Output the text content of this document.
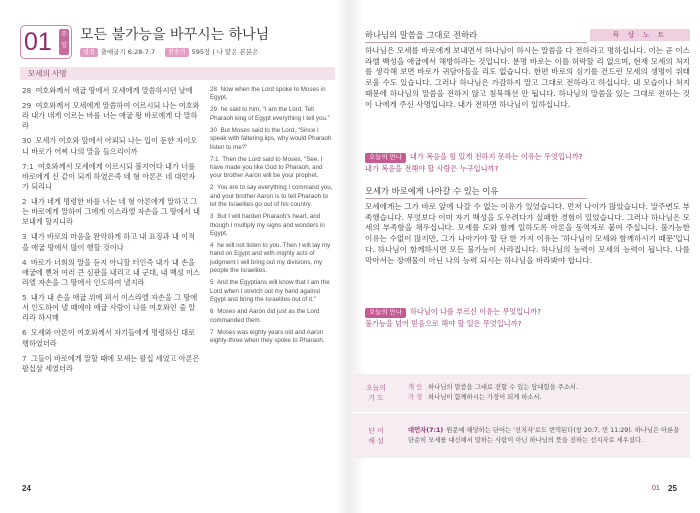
01	주
일
모든 불가능을 바꾸시는 하나님
성경 출애굽기 6:28-7:7 찬송가 595장 | 나 맡은 본분은
모세의 사명
28 여호와께서 애굽 땅에서 모세에게 말씀하시던 날에
29 여호와께서 모세에게 말씀하여 이르시되 나는 여호와라 내가 네게 이르는 바를 너는 애굽 왕 바로에게 다 말하라
30 모세가 여호와 앞에서 아뢰되 나는 입이 둔한 자이오니 바로가 어찌 나의 말을 들으리이까
7:1 여호와께서 모세에게 이르시되 볼지어다 내가 너를 바로에게 신 같이 되게 하였은즉 네 형 아론은 네 대언자가 되리니
2 내가 네게 명령한 바를 너는 네 형 아론에게 말하고 그는 바로에게 말하여 그에게 이스라엘 자손을 그 땅에서 내보내게 할지니라
3 내가 바로의 마음을 완악하게 하고 내 표징과 내 이적을 애굽 땅에서 많이 행할 것이나
4 바로가 너희의 말을 듣지 아니할 터인즉 내가 내 손을 애굽에 뻗쳐 여러 큰 심판을 내리고 내 군대, 내 백성 이스라엘 자손을 그 땅에서 인도하여 낼지라
5 내가 내 손을 애굽 위에 펴서 이스라엘 자손을 그 땅에서 인도하여 낼 때에야 애굽 사람이 나를 여호와인 줄 알리라 하시매
6 모세와 아론이 여호와께서 자기들에게 명령하신 대로 행하였더라
7 그들이 바로에게 말할 때에 모세는 팔십 세였고 아론은 팔십삼 세였더라
28 Now when the Lord spoke to Moses in Egypt,
29 he said to him, "I am the Lord. Tell Pharaoh king of Egypt everything I tell you."
30 But Moses said to the Lord, "Since I speak with faltering lips, why would Pharaoh listen to me?"
7:1 Then the Lord said to Moses, "See, I have made you like God to Pharaoh, and your brother Aaron will be your prophet.
2 You are to say everything I command you, and your brother Aaron is to tell Pharaoh to let the Israelites go out of his country.
3 But I will harden Pharaoh's heart, and though I multiply my signs and wonders in Egypt,
4 he will not listen to you. Then I will lay my hand on Egypt and with mighty acts of judgment I will bring out my divisions, my people the Israelites.
5 And the Egyptians will know that I am the Lord when I stretch out my hand against Egypt and bring the Israelites out of it."
6 Moses and Aaron did just as the Lord commanded them.
7 Moses was eighty years old and Aaron eighty-three when they spoke to Pharaoh.
24
묵 상 노 트
하나님의 말씀을 그대로 전하라
하나님은 모세를 바로에게 보내면서 하나님이 하시는 말씀을 다 전하라고 명하십니다. 이는 곧 이스라엘 백성을 애굽에서 해방하라는 것입니다. 분명 바로는 이를 허락할 리 없으며, 현재 모세의 처지를 생각해 보면 바로가 귀담아들을 리도 없습니다. 한편 바로의 심기를 건드린 모세의 생명이 위태로울 수도 있습니다. 그러나 하나님은 가감하지 말고 그대로 전하라고 하십니다. 내 모습이나 처지 때문에 하나님의 말씀을 전하지 않고 침묵해선 안 됩니다. 하나님의 말씀을 있는 그대로 전하는 것이 나에게 주신 사명입니다. 내가 전하면 하나님이 일하십니다.
오늘의 만나 내가 복음을 힘 있게 전하지 못하는 이유는 무엇입니까?
내가 복음을 전해야 할 사람은 누구입니까?
모세가 바로에게 나아갈 수 있는 이유
모세에게는 그가 바로 앞에 나갈 수 없는 이유가 있었습니다. 먼저 나이가 많았습니다. 말주변도 부족했습니다. 무엇보다 이미 자기 백성을 도우려다가 실패한 경험이 있었습니다. 그러나 하나님은 모세의 부족함을 채우십니다. 모세를 도와 함께 일하도록 아론을 동역자로 붙여 주십니다. 불가능한 이유는 수없이 많지만, 그가 나아가야 할 단 한 가지 이유는 '하나님이 모세와 함께하시기 때문'입니다. 하나님이 함께하시면 모든 불가능이 사라집니다. 하나님의 능력이 모세의 능력이 됩니다. 나를 막아서는 장애물이 아닌 나의 능력 되시는 하나님을 바라봐야 합니다.
오늘의 만나 하나님이 나를 부르신 이유는 무엇입니까?
불가능을 넘어 믿음으로 해야 할 일은 무엇입니까?
오늘의
기 도
개 인 하나님의 말씀을 그대로 전할 수 있는 담대함을 주소서.
가 정 하나님이 함께하시는 가정이 되게 하소서.
단 어
해 설
대언자(7:1) 원문에 해당하는 단어는 '선지자'로도 번역된다(창 20:7, 민 11:29). 하나님은 아론을 단순히 모세를 대신해서 말하는 사람이 아닌 하나님의 뜻을 전하는 선지자로 세우셨다.
01 25
